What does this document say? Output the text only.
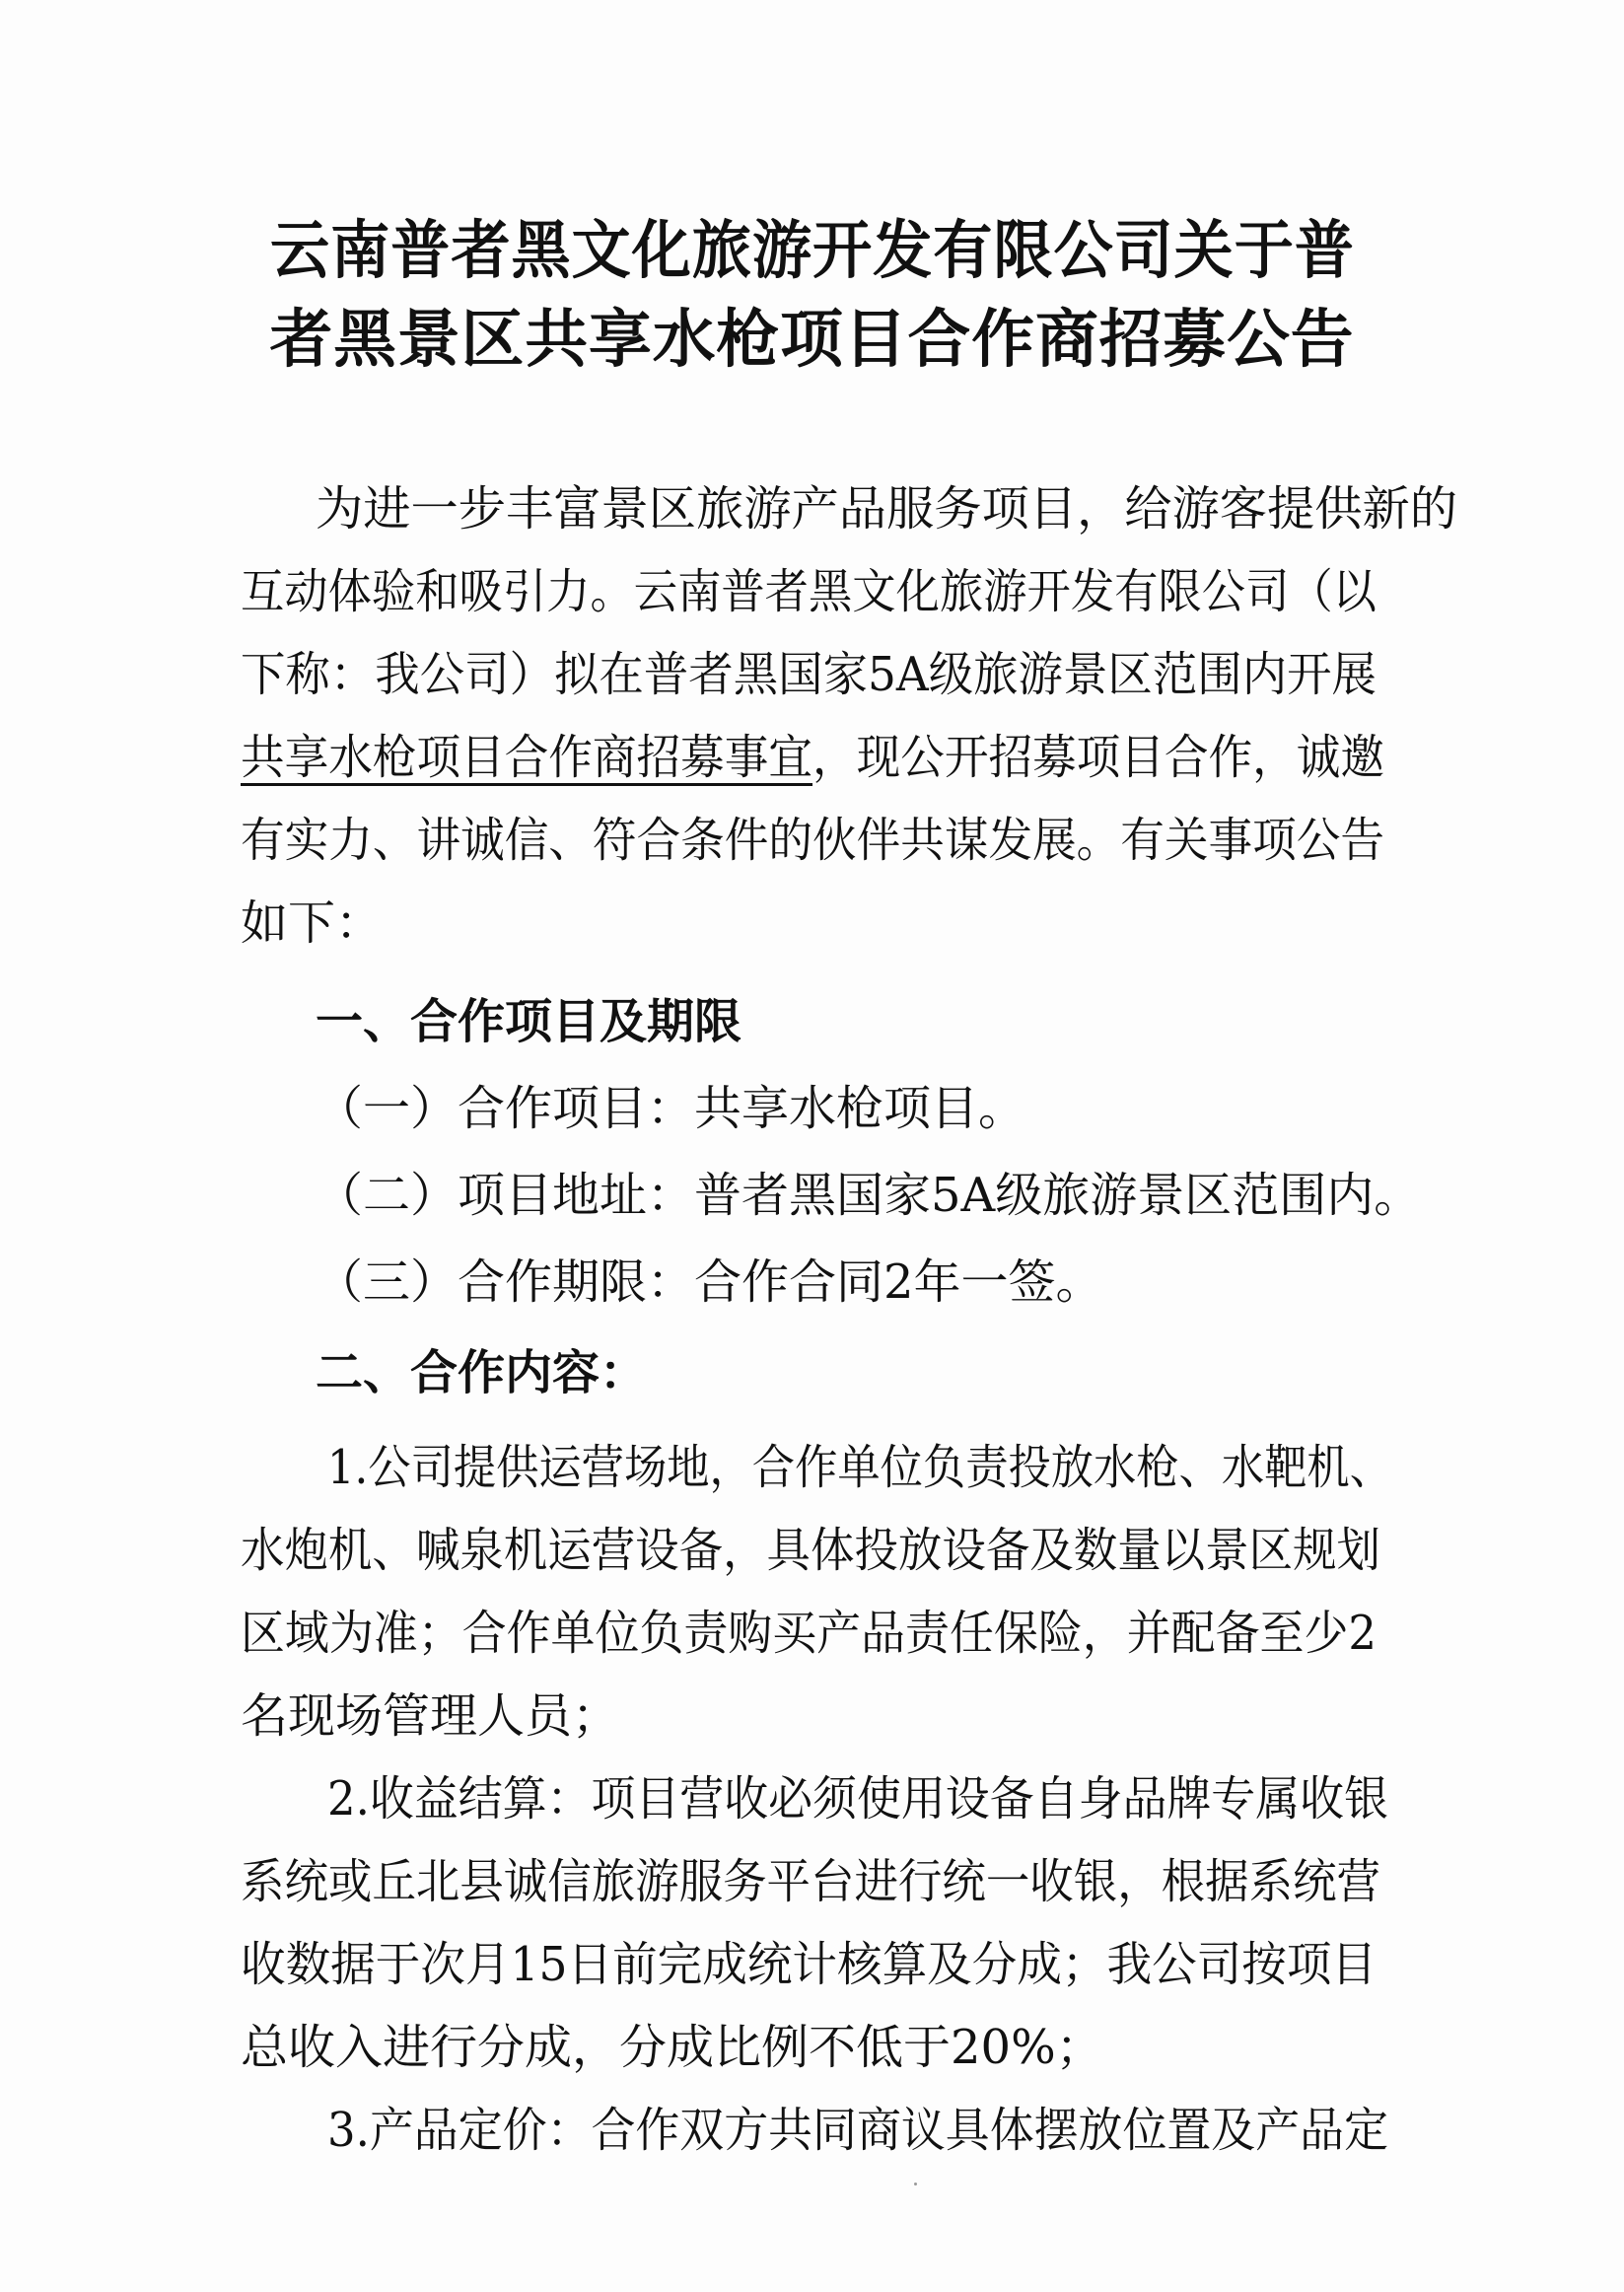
云南普者黑文化旅游开发有限公司关于普
者黑景区共享水枪项目合作商招募公告
为进一步丰富景区旅游产品服务项目，给游客提供新的
互动体验和吸引力。云南普者黑文化旅游开发有限公司（以
下称：我公司）拟在普者黑国家5A级旅游景区范围内开展
共享水枪项目合作商招募事宜，现公开招募项目合作，诚邀
有实力、讲诚信、符合条件的伙伴共谋发展。有关事项公告
如下：
一、合作项目及期限
（一）合作项目：共享水枪项目。
（二）项目地址：普者黑国家5A级旅游景区范围内。
（三）合作期限：合作合同2年一签。
二、合作内容：
1.公司提供运营场地，合作单位负责投放水枪、水靶机、
水炮机、喊泉机运营设备，具体投放设备及数量以景区规划
区域为准；合作单位负责购买产品责任保险，并配备至少2
名现场管理人员；
2.收益结算：项目营收必须使用设备自身品牌专属收银
系统或丘北县诚信旅游服务平台进行统一收银，根据系统营
收数据于次月15日前完成统计核算及分成；我公司按项目
总收入进行分成，分成比例不低于20%；
3.产品定价：合作双方共同商议具体摆放位置及产品定
